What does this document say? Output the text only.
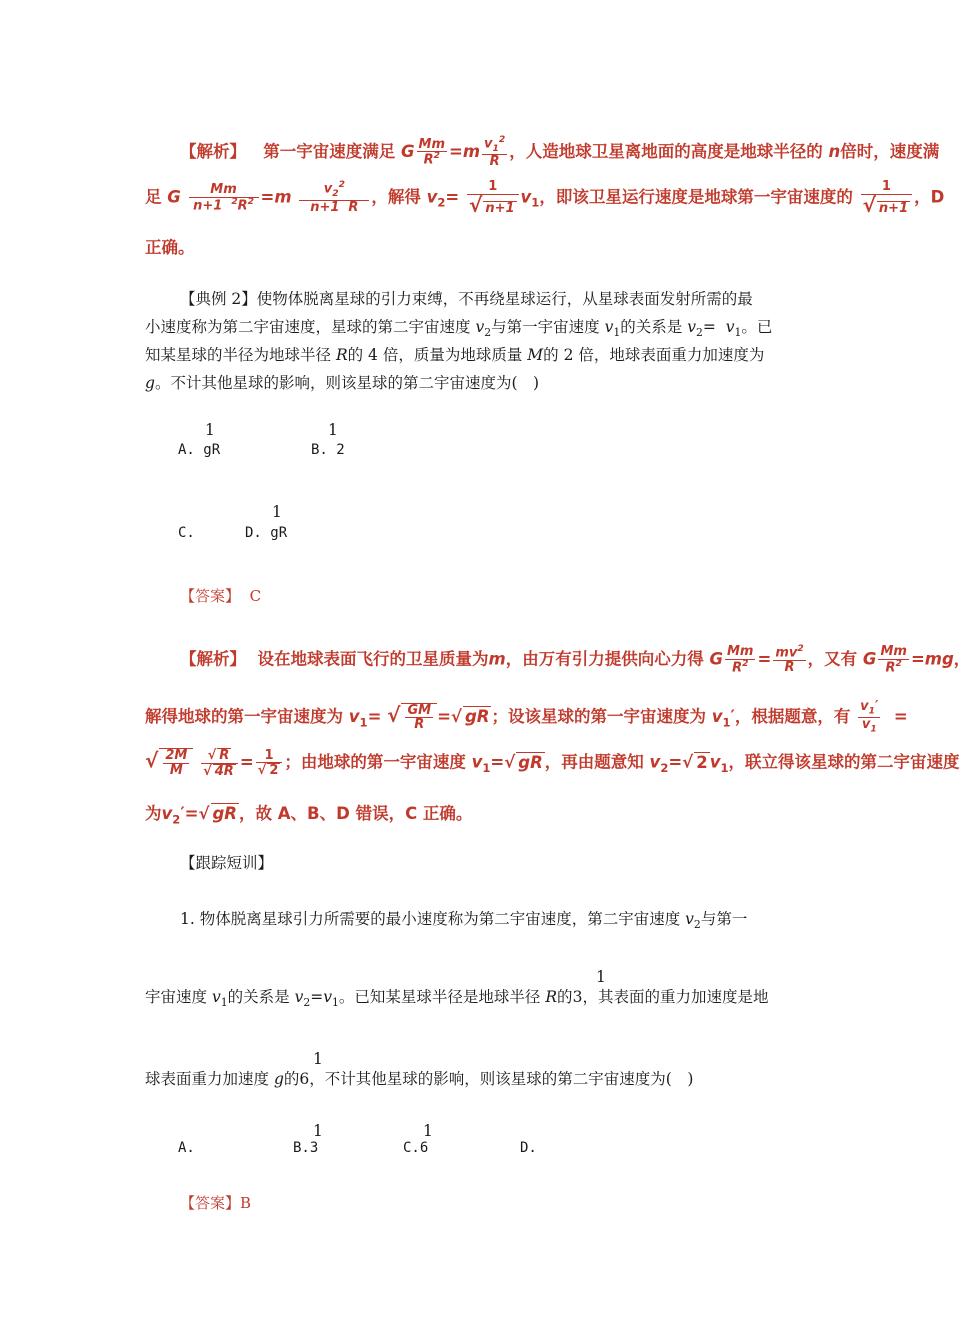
【解析】 第一宇宙速度满足 G $\frac{Mm}{R^2} =m \frac{v_1^2}{R}$ ，人造地球卫星离地面的高度是地球半径的 n倍时，速度满
足 G $\frac{Mm}{n+1 ^2R^2} =m \frac{v_2^2}{n+1 R}$ ，解得 $v_2= \frac{1}{√ n+1} v_1$，即该卫星运行速度是地球第一宇宙速度的 $\frac{1}{√ n+1}$ ，D
正确。
【典例 2】使物体脱离星球的引力束缚，不再绕星球运行，从星球表面发射所需的最
小速度称为第二宇宙速度，星球的第二宇宙速度 $v_2$与第一宇宙速度 $v_1$的关系是 $v_2= v_1$。已
知某星球的半径为地球半径 R的 4 倍，质量为地球质量 M的 2 倍，地球表面重力加速度为
g。不计其他星球的影响，则该星球的第二宇宙速度为(　)
1
A. gR
1
B. 2
C.
1
D. gR
【答案】 C
【解析】 设在地球表面飞行的卫星质量为m，由万有引力提供向心力得 G $\frac{Mm}{R^2} = \frac{mv^2}{R}$ ，又有 G $\frac{Mm}{R^2} =mg$，
解得地球的第一宇宙速度为 $v_1=$ √ $\frac{GM}{R}$ =√ gR ；设该星球的第一宇宙速度为 $v_1'$，根据题意，有 $\frac{v_1'}{v_1}$ =
√ $\frac{2M}{M}$
$\frac{√ R}{√ 4R} = \frac{1}{√ 2}$ ；由地球的第一宇宙速度 $v_1=√$ gR ，再由题意知 $v_2=√$ 2 $v_1$，联立得该星球的第二宇宙速度
为$v_2'=√$ gR ，故 A、B、D 错误，C 正确。
【跟踪短训】
1. 物体脱离星球引力所需要的最小速度称为第二宇宙速度，第二宇宙速度 $v_2$与第一
1
宇宙速度 $v_1$的关系是 $v_2=v_1$。已知某星球半径是地球半径 R的3，其表面的重力加速度是地
1
球表面重力加速度 g的6，不计其他星球的影响，则该星球的第二宇宙速度为(　)
A.
1
B.3
1
C.6	D.
【答案】B
